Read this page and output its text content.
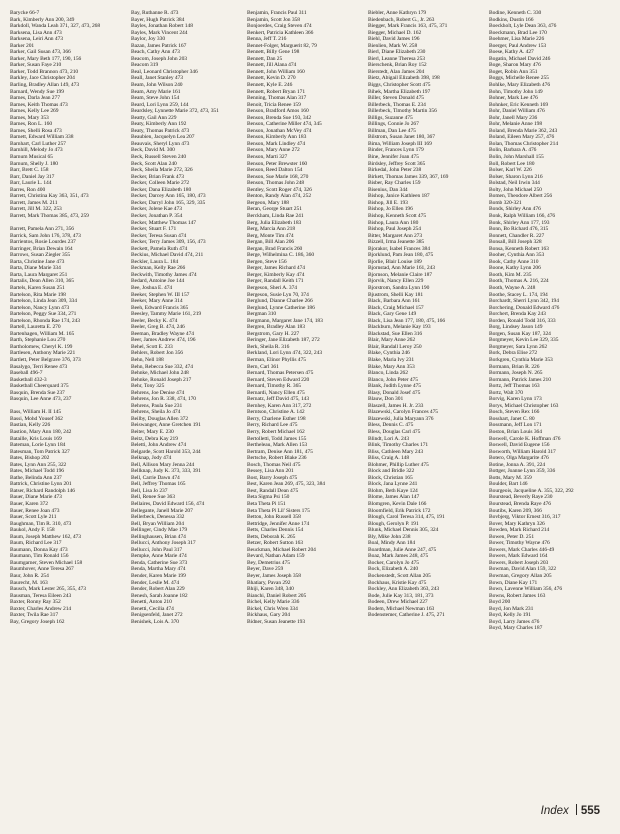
Barycke 66-7
Bark, Kimberly Ann 200, 349
Barkdoll, Wanda Leah 371, 327, 473, 268
Barksena, Lisa Ann 473
Barksena, Leiri Ann 473
Barker 201
Barker, Gail Susan 473, 366
Barker, Mary Beth 177, 190, 156
Barker, Susan Faye 210
Barker, Todd Brannon 473, 210
Barkley, Jace Christopher 204
Barling, Bradley Allan 149, 473
Barnard, Wendy Sue 199
Barnes, Darla Jean 277
Barnes, Keith Thomas 473
Barnes, Kelly Lee 269
Barnes, Mary 353
Barnes, Ron L. 160
Barnes, Shelli Rosa 473
Barnett, Edward William 338
Barnhart, Carl Luther 257
Barnhill, Melody Jo 473
Barnum Musical 65
Barnum, Shelly J. 180
Barr, Brett C. 158
Barr, Daniel Jay 317
Barr, Laurie L. 144
Barres, Ron 400
Barrett, Christina Kay 363, 351, 473
Barrett, James M. 211
Barrett, Jill M. 322, 253
Barrett, Mark Thomas 385, 473, 259
Barrett, Pamela Ann 271, 356
Barrick, Sam John 176, 378, 473
Barrientos, Rosie Lourdes 237
Barringer, Brian Dewain 164
Barrows, Susan Ziegler 355
Barta, Christine Jane 473
Barta, Diane Marie 334
Barta, Laura Margaret 251
Bartalis, Dean Allen 310, 365
Bartels, Karen Susan 251
Bartelson, Rita Marie 198
Bartelson, Linda Jean 309, 334
Bartelson, Nancy Lynn 473
Bartelson, Peggy Sue 334, 271
Bartelson, Rhonda Rae 174, 243
Bartell, Lauretta E. 270
Bartenhagen, William M. 165
Barth, Stephanie Lou 270
Bartholomew, Cheryl K. 199
Bartlesen, Anthony Marie 221
Bartlett, Peter Belgrave 376, 373
Basalygo, Terri Renee 473
Baseball 496-7
Basketball 432-3
Basketball Cheerquard 375
Basquin, Brenda Sue 237
Basquin, Lee Anne 473, 237
Bass, William H. II 145
Bassi, Mohd Yousef 362
Bastian, Kelly 226
Bastion, Mary Ann 180, 242
Bataille, Kris Louis 169
Bateman, Lorie Lynn 184
Batesman, Tom Patrick 327
Bates, Bishop 202
Bates, Lynn Ann 255, 322
Bates, Michael Todd 196
Bathe, Belinda Ann 237
Battrick, Christine Lynn 201
Batser, Richard Randolph 146
Bauer, Diane Marie 473
Bauer, Karen 372
Bauer, Renee Joan 473
Bauer, Scott Lyle 211
Baughman, Tim R. 310, 473
Baukol, Andy F. 158
Baum, Joseph Matthew 162, 473
Baum, Richard Lee 317
Baumann, Donna Kay 473
Baumann, Tim Ronald 156
Baumgarner, Steven Michael 158
Baumhover, Anne Teresa 267
Baur, John R. 254
Baurecht, M. 163
Bausch, Mark Lester 265, 355, 473
Bausman, Teresa Eileen 243
Baxter, Ronny Ray 352
Baxter, Charles Andrew 214
Baxter, Twila Rae 317
Bay, Gregory Joseph 162
Bay, Ruthanne R. 473
Bayer, Hugh Patrick 384
Bayles, Jonathan Robert 148
Bayles, Mark Vincent 244
Baylor, Joy 330
Bazan, James Patrick 167
Beach, Cathy Ann 473
Beacom, Joseph John 203
Beacom 319
Beal, Leonard Christopher 346
Beall, Janet Stanley 473
Beam, John Wilson 240
Beam, Amy Marie 161
Beam, Steve John 154
Beard, Lori Lynn 259, 144
Beardsley, Lynnette Marie 372, 473, 351
Beatty, Gail Ann 229
Beaty, Kimberly Ann 192
Beaty, Thomas Patrick 473
Beaubien, Jacquelyn Lea 207
Beauvais, Sheryl Lynn 473
Beck, David M. 300
Beck, Russell Steven 240
Beck, Scott Alan 240
Beck, Sheila Marie 272, 326
Becker, Brian Frank 473
Becker, Colleen Marie 272
Becker, Dana Elizabeth 180
Becker, Darcey Ann 165, 180, 473
Becker, Darryl John 165, 329, 335
Becker, Jolene Kae 473
Becker, Jonathan P. 354
Becker, Matthew Thomas 147
Becker, Stuart F. 171
Becker, Teresa Susan 474
Becker, Terry James 309, 156, 473
Beckett, Pamela Ruth 474
Beckius, Michael David 474, 211
Beckler, Laura L. 184
Beckman, Kelly Rae 266
Beckwith, Timothy James 474
Bedard, Antoine Joe 144
Bee, Joshua E. 474
Beeker, Stephen W. III 157
Beeker, Mary Anne 314
Beeh, Edward Francis 365
Beesley, Tammy Marie 161, 219
Beeler, Becky K. 474
Beeler, Greg B. 474, 246
Beeman, Bradley Wayne 474
Beer, James Andrew 474, 196
Behel, Scott E. 233
Behlers, Robert Jon 356
Behn, Nell 188
Behn, Rebecca Sue 332, 474
Behnke, Michael John 248
Behnke, Ronald Joseph 217
Behr, Tony 325
Behrens, Joe Denise 474
Behrens, Jon R. 338, 474, 170
Behrens, Paula Sue 231
Behrens, Sheila Jo 474
Beilby, Douglas Allen 372
Beiswanger, Anne Gretchen 191
Beiter, Mary E. 230
Beitz, Debra Kay 219
Beletti, John Andrew 474
Belgarde, Scott Harold 353, 244
Belknap, Jody 474
Bell, Allison Mary Jenna 244
Bellknap, Judy K. 373, 333, 391
Bell, Carrie Dawn 474
Bell, Jeffrey Thomas 165
Bell, Lisa Jo 237
Bell, Renee Sue 363
Bellaires, David Edward 156, 474
Bellegante, Janell Marie 207
Bellerbeck, Denessa 332
Bell, Bryan William 204
Bellinger, Cindy Mae 179
Bellinghausen, Brian 474
Bellucci, Anthony Joseph 317
Bellucci, John Paul 317
Bempke, Anne Marie 474
Benda, Catherine Sue 373
Benda, Martha Mary 474
Bender, Karen Marie 199
Bender, Leslie M. 474
Bender, Robert Alan 229
Benesh, Sarah Joanne 182
Benetti, Anton 210
Benetti, Cecilia 474
Benigsenfeld, Janet 272
Benishek, Lois A. 370
Benjamin, Francis Paul 311
Benjamin, Scott Jon 358
Bonjoerdes, Craig Steven 474
Benkert, Patricia Kathleen 366
Benna, Jeff T. 216
Bennet-Folger, Marguerit 82, 79
Bennett, Billy Gene 198
Bennett, Dan 25
Bennett, Jill Alana 474
Bennett, John William 160
Bennett, Kevin D. 270
Bennett, Kyle E. 246
Bennett, Robert Bryan 171
Benning, Thomas Alan 317
Benoit, Tricia Renee 159
Benson, Bradford Amos 160
Benson, Brenda Sue 193, 342
Benson, Catherine Miller 474, 345
Benson, Jonathan McVey 474
Benson, Kimberly Ann 183
Benson, Mark Lindley 474
Benson, Mary Anne 272
Benson, Marti 327
Benson, Peter Brewster 160
Benson, Reed Dalton 154
Benson, Sue Marie 168, 270
Benson, Thomas John 248
Bentley, Scott Roger 474, 326
Benton, Randy Alan 474, 252
Bergeon, Mary 188
Beran, George Stuart 251
Berckham, Linda Rae 241
Berg, Julia Elizabeth 183
Berg, Marcia Ann 218
Berg, Monte Tim 474
Bergan, Bill Alan 206
Bergan, Brad Francis 260
Berge, Wilhelmina C. 186, 360
Bergen, Steve 156
Berger, James Richard 474
Berger, Kimberly Kay 474
Berger, Randall Keith 171
Bergeson, Sheri A. 374
Bergeson, Susie Lyn 70, 374
Berglund, Dianne Charlee 266
Berglund, Lynne Catherine 186
Bergman 310
Bergmann, Margaret Jane 174, 183
Bergren, Bradley Alan 183
Bergstrom, Gary H. 227
Beringer, Jane Elizabeth 187, 272
Berk, Sheila R. 316
Berkland, Lori Lynn 474, 322, 243
Berman, Elinor Phyllis 475
Bern, Carl 361
Bernard, Thomas Petersen 475
Bernard, Steven Edward 220
Bernard, Timothy R. 365
Bernardi, Nancy Ellen 475
Bernatz, Jeff David 475, 143
Bernhey, Karen Ann 317, 272
Berntson, Christine A. 142
Berry, Charlene Esther 198
Berry, Richard Lee 475
Berry, Robert Michael 162
Bertolletti, Todd James 155
Bertheleau, Mark Allen 153
Bertram, Denise Ann 181, 475
Bertsche, Robert Blake 236
Bosch, Thomas Neil 475
Bessey, Lisa Ann 201
Bost, Barry Joseph 475
Best, Karen Jean 269, 475, 323, 384
Best, Randall Dean 475
Beta Sigma Psi 150
Beta Theta Pi 151
Beta Theta Pi Lil' Sisters 175
Betton, John Russell 358
Bettridge, Jennifer Anne 174
Betts, Charles Dennis 154
Betts, Deborah K. 265
Betzer, Robert Sutton 163
Beuckman, Michael Robert 204
Bevard, Nathan Adam 159
Bey, Demetrius 475
Beyer, Dave 259
Beyer, James Joseph 358
Bhatiary, Pavan 292
Bhiji, Karen 348, 340
Bianchi, Daniel Robert 205
Bichel, Kelly Marie 336
Bickel, Chris Wren 334
Bickhaus, Gary 204
Bidner, Susan Jeanette 193
Biebler, Anne Kathryn 179
Biedenbach, Robert G., Jr. 263
Biegger, Mark Francis 163, 475, 371
Biegger, Michael D. 162
Biehl, David James 196
Bienlien, Mark W. 258
Bierl, Diane Elizabeth 230
Bierl, Leanne Theresa 253
Bierschenk, Brian Roy 152
Bierstedt, Alan James 204
Bietz, Abigail Elizabeth 398, 198
Biggs, Christopher Scott 475
Bihek, Martha Elizabeth 197
Biller, Steven Donald 475
Billerbeck, Thomas E. 234
Billerbeck, Timothy Martin 356
Billigs, Suzanne 475
Billings, Connie Jo 267
Billman, Dan Lee 475
Bilstrom, Susan Janet 180, 367
Bima, William Joseph III 169
Binder, Frances Lynn 179
Bine, Jennifer Joan 475
Birdsley, Jeffrey Scott 365
Birkedal, John Peter 238
Birkett, Thomas James 339, 367, 169
Bisber, Ray Charles 159
Bisenius, Dan 344
Bishop, Janice Kathleen 187
Bishop, Jill E. 193
Bishop, Jo Ellen 196
Bishop, Kenneth Scott 475
Bishop, Laura Ann 180
Bishop, Paul Joseph 254
Bitter, Margaret Ann 273
Bizzell, Irma Jeanette 385
Bjorakor, Isabel Frances 384
Bjorklund, Pam Jean 180, 475
Bjorlie, Blair Louise 189
Bjornstad, Ann Marie 161, 243
Bjornson, Melanie Claire 187
Bjorvik, Nancy Ellen 229
Bjorstrom, Sandra Lynn 190
Bjustrom, Shelli Kay 181
Black, Barbara Ann 161
Black, Craig Michael 157
Black, Gary Gene 149
Black, Lisa Jean 177, 180, 475, 166
Blackburn, Melanie Kay 193
Blackstad, Sue Ellen 316
Blair, Mary Anne 262
Blair, Randall Leroy 250
Blake, Cynthia 246
Blake, Maria Ivy 231
Blake, Mary Ann 353
Blanco, Linda 262
Blanco, John Peter 475
Blank, Judith Lynne 475
Blasy, Donald Josef 475
Blauw, Don 301
Blaszell, James H. Jr. 233
Blazewski, Carolyn Frances 475
Blazewski, Julia Maryann 376
Bless, Dennis C. 475
Bless, Douglas Carl 475
Blindt, Lori A. 243
Blink, Timothy Charles 171
Bliss, Cathleen Mary 243
Bliss, Craig A. 148
Blohmer, Phillip Luther 475
Block and Bridle 322
Block, Christian 165
Block, Jana Lynne 241
Blohm, Beth Kaye 124
Blome, James Alan 147
Blomgren, Kevin Dale 166
Bloomfield, Erik Patrick 172
Blough, Carol Teresa 314, 475, 191
Blough, Gerolyn P. 191
Blunk, Michael Dennis 305, 324
Bly, Mike John 238
Boal, Mindy Ann 184
Boardman, Julie Anne 247, 475
Boaz, Mark James 248, 475
Bocker, Carolyn Jo 475
Bock, Elizabeth A. 240
Bockenstedt, Scott Allan 205
Bockhaus, Kristie Kay 475
Bockley, Ann Elizabeth 363, 243
Bode, Julie Kay 313, 181, 373
Bodeen, Drew Michael 227
Bodem, Michael Newman 163
Bodenstemer, Catherine J. 475, 271
Bodine, Kenneth C. 330
Bodkins, Dustin 166
Boeckholt, Lyle Dean 363, 476
Boeckmann, Brad Lee 170
Boehmer, Lisa Marie 226
Boerger, Paul Andrew 153
Boese, Kathy A. 427
Bogatin, Michael David 246
Boge, Sharon Mary 476
Boget, Robin Ann 351
Boggs, Michelle Renee 255
Bohlke, Mary Elizabeth 476
Bohn, Timothy John 149
Bohner, Mark Lee 476
Bohnker, Eric Kenneth 169
Bohr, Daniel William 476
Bohr, Janell Mary 236
Bohr, Melanie Anne 198
Boland, Brenda Marie 362, 243
Boland, Eileen Mary 257, 476
Bolan, Thomas Christopher 214
Bolin, Barbara A. 476
Bolin, John Marshall 155
Boll, Robert Lee 180
Bolser, Karl W. 226
Bolser, Sharon Lynn 216
Bolstad, Neil Irwin 344
Bolty, John Michael 250
Bomen, Theodore Albert 256
Bomb 320-321
Bonds, Shirley Ann 476
Bonk, Ralph William 166, 476
Bonk, Shirley Ann 177, 193
Bonn, Bo Richard 476, 315
Bonnett, Chandler R. 227
Bonsall, Bill Joseph 328
Bonsa, Kenneth Robert 163
Booher, Cynthia Ann 353
Book, Cathy Anne 310
Boone, Kathy Lynn 206
Booth, Kim M. 235
Booth, Thomas A. 216, 224
Booth, Wayne A. 248
Boothe, Stacey L. 174, 194
Borchardt, Sherri Lynn 342, 194
Borchering, Donald Edward 476
Borchert, Brenda Kay 243
Borden, Ronald Todd 316, 333
Borg, Lindsey Jason 149
Borgen, Susan Kay 187, 324
Borgmeyer, Kevin Lee 329, 335
Borgmeyer, Sara Lynn 262
Bork, Debra Elise 272
Borkgren, Cynthia Marie 353
Bormann, Brian R. 226
Bormann, Joseph N. 265
Bormann, Patrick James 210
Bortz, Jeff Thomas 163
Bortz, Walt 370
Borvig, Karen Lynn 173
Borys, Michael Christopher 163
Bosch, Steven Rex 166
Bosshart, Janet C. 80
Bossmann, Jeff Lon 171
Boston, Brian Louis 364
Boswell, Carole K. Hoffman 476
Boswell, David Eugene 156
Bosworth, William Harold 317
Botero, Olga Margarite 476
Botine, Jonna A. 391, 224
Bottger, Joanne Lynn 359, 336
Botts, Mary M. 359
Boulder, Bart 146
Bourgeois, Jacqueline A. 355, 322, 292
Bourstead, Beverly Raye 230
Bourstead, Brenda Raye 476
Boutibs, Karen 209, 366
Bovbjerg, Viktor Ernest 316, 317
Bover, Mary Kathryn 326
Bowden, Mark Richard 214
Bowen, Peter D. 251
Bower, Timothy Wayne 476
Bowers, Mark Charles 446-49
Bowers, Mark Edward 164
Bowers, Robert Joseph 203
Bowman, David Alan 159, 322
Bowman, Gregory Allan 205
Bown, Diane Kay 171
Bown, Lavenne William 356, 476
Bowns, Robert James 163
Boyd 200
Boyd, Jon Mark 231
Boyd, Kelly Jo 191
Boyd, Larry James 476
Boyd, Mary Charles 187
Index 555
